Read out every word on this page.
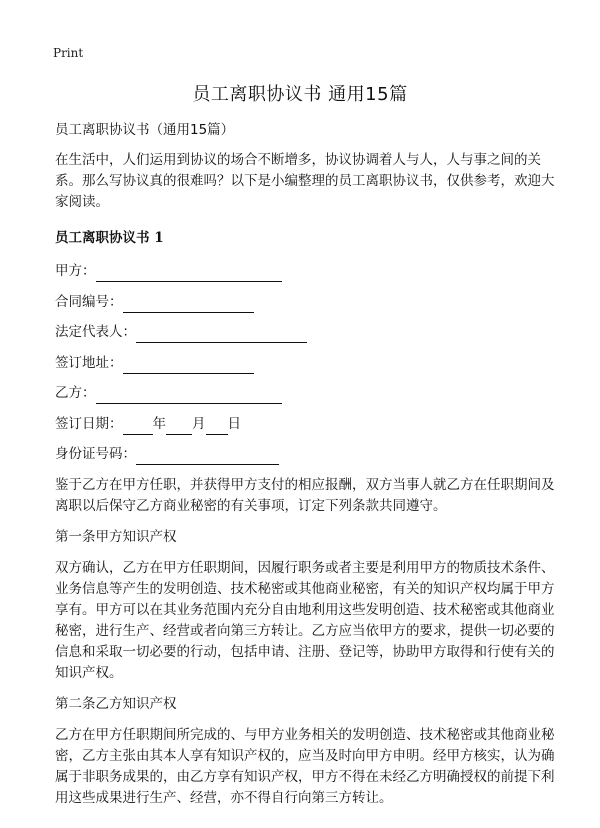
Print
员工离职协议书 通用15篇

员工离职协议书（通用15篇）

在生活中，人们运用到协议的场合不断增多，协议协调着人与人，人与事之间的关系。那么写协议真的很难吗？以下是小编整理的员工离职协议书，仅供参考，欢迎大家阅读。

员工离职协议书 1
甲方：
合同编号：
法定代表人：
签订地址：
乙方：
签订日期： 年 月 日
身份证号码：

鉴于乙方在甲方任职，并获得甲方支付的相应报酬，双方当事人就乙方在任职期间及离职以后保守乙方商业秘密的有关事项，订定下列条款共同遵守。

第一条甲方知识产权

双方确认，乙方在甲方任职期间，因履行职务或者主要是利用甲方的物质技术条件、业务信息等产生的发明创造、技术秘密或其他商业秘密，有关的知识产权均属于甲方享有。甲方可以在其业务范围内充分自由地利用这些发明创造、技术秘密或其他商业秘密，进行生产、经营或者向第三方转让。乙方应当依甲方的要求，提供一切必要的信息和采取一切必要的行动，包括申请、注册、登记等，协助甲方取得和行使有关的知识产权。

第二条乙方知识产权

乙方在甲方任职期间所完成的、与甲方业务相关的发明创造、技术秘密或其他商业秘密，乙方主张由其本人享有知识产权的，应当及时向甲方申明。经甲方核实，认为确属于非职务成果的，由乙方享有知识产权，甲方不得在未经乙方明确授权的前提下利用这些成果进行生产、经营，亦不得自行向第三方转让。
